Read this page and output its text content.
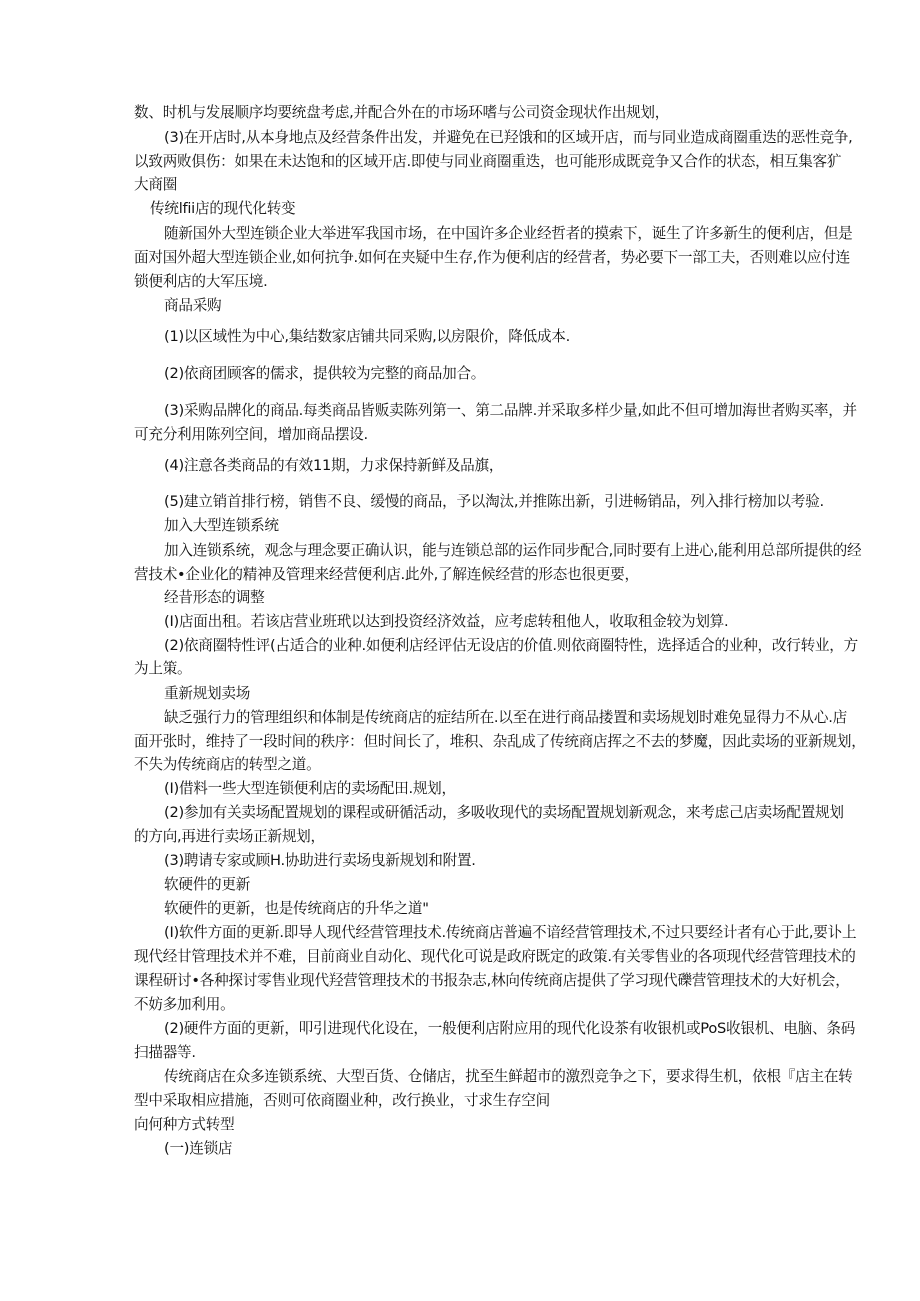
数、时机与发展顺序均要统盘考虑,并配合外在的市场环嗜与公司资金现状作出规划，
(3)在开店时,从本身地点及经营条件出发，并避免在已羟饿和的区域开店，而与同业造成商圈重迭的恶性竞争,
以致两败俱伤：如果在未达饱和的区域开店.即使与同业商圈重迭，也可能形成既竞争又合作的状态，相互集客犷
大商圈
传统lfii店的现代化转变
随新国外大型连锁企业大举进军我国市场，在中国许多企业经哲者的摸索下，诞生了许多新生的便利店，但是
面对国外超大型连锁企业,如何抗争.如何在夹疑中生存,作为便利店的经营者，势必要下一部工夫，否则难以应付连
锁便利店的大军压境.
商品采购
(1)以区域性为中心,集结数家店铺共同采购,以房限价，降低成本.
(2)依商团顾客的儒求，提供较为完整的商品加合。
(3)采购品牌化的商品.每类商品皆贩卖陈列第一、第二品牌.并采取多样少量,如此不但可增加海世者购买率，并
可充分利用陈列空间，增加商品摆设.
(4)注意各类商品的有效11期，力求保持新鲜及品旗，
(5)建立销首排行榜，销售不良、缓慢的商品，予以淘汰,并推陈出新，引进畅销品，列入排行榜加以考验.
加入大型连锁系统
加入连锁系统，观念与理念要正确认识，能与连锁总部的运作同步配合,同时要有上进心,能利用总部所提供的经
营技术•企业化的精神及管理来经营便利店.此外,了解连候经营的形态也很更要，
经昔形态的调整
(I)店面出租。若该店营业班玳以达到投资经济效益，应考虑转租他人，收取租金较为划算.
(2)依商圈特性评(占适合的业种.如便利店经评估无设店的价值.则依商圈特性，选择适合的业种，改行转业，方
为上策。
重新规划卖场
缺乏强行力的管理组织和体制是传统商店的症结所在.以至在进行商品搂置和卖场规划时难免显得力不从心.店
面开张时，维持了一段时间的秩序：但时间长了，堆积、杂乱成了传统商店挥之不去的梦魔，因此卖场的亚新规划，
不失为传统商店的转型之道。
(I)借料一些大型连锁便利店的卖场配田.规划，
(2)参加有关卖场配置规划的课程或研循活动，多吸收现代的卖场配置规划新观念，来考虑己店卖场配置规划
的方向,再进行卖场正新规划，
(3)聘请专家或顾H.协助进行卖场曳新规划和附置.
软硬件的更新
软硬件的更新，也是传统商店的升华之道"
(I)软件方面的更新.即导人现代经营管理技术.传统商店普遍不谙经营管理技术,不过只要经计者有心于此,要讣上
现代经甘管理技术并不难，目前商业自动化、现代化可说是政府既定的政策.有关零售业的各项现代经营管理技术的
课程研讨•各种探讨零售业现代羟营管理技术的书报杂志,林向传统商店提供了学习现代礫营管理技术的大好机会，
不妨多加利用。
(2)硬件方面的更新，叩引进现代化设在，一般便利店附应用的现代化设茶有收银机或PoS收银机、电脑、条码
扫描器等.
传统商店在众多连锁系统、大型百货、仓储店，扰至生鲜超市的激烈竞争之下，要求得生机，依根『店主在转
型中采取相应措施，否则可依商圈业种，改行换业，寸求生存空间
向何种方式转型
(一)连锁店
